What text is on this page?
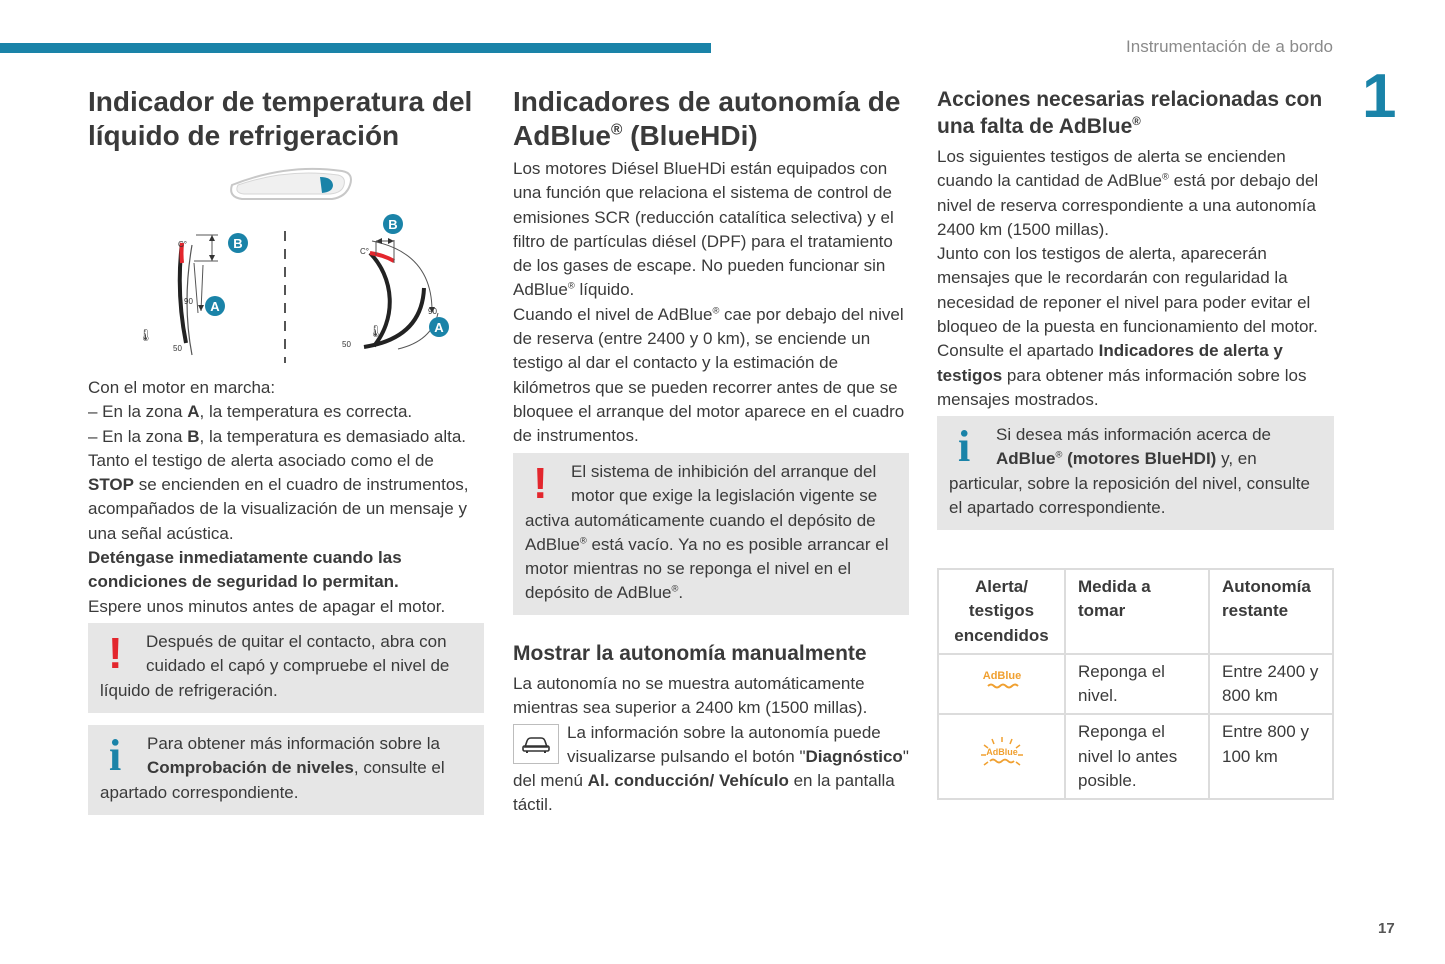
Instrumentación de a bordo
1
17
Indicador de temperatura del líquido de refrigeración
C°
90
50
🌡
B
A
C°
90
50
🌡
B
A

Con el motor en marcha:

– En la zona A, la temperatura es correcta.

– En la zona B, la temperatura es demasiado alta. Tanto el testigo de alerta asociado como el de STOP se encienden en el cuadro de instrumentos, acompañados de la visualización de un mensaje y una señal acústica.

Deténgase inmediatamente cuando las condiciones de seguridad lo permitan.

Espere unos minutos antes de apagar el motor.

!	Después de quitar el contacto, abra con cuidado el capó y compruebe el nivel de líquido de refrigeración.

i	Para obtener más información sobre la Comprobación de niveles, consulte el apartado correspondiente.

Indicadores de autonomía de
AdBlue® (BlueHDi)

Los motores Diésel BlueHDi están equipados con una función que relaciona el sistema de control de emisiones SCR (reducción catalítica selectiva) y el filtro de partículas diésel (DPF) para el tratamiento de los gases de escape. No pueden funcionar sin AdBlue® líquido.

Cuando el nivel de AdBlue® cae por debajo del nivel de reserva (entre 2400 y 0 km), se enciende un testigo al dar el contacto y la estimación de kilómetros que se pueden recorrer antes de que se bloquee el arranque del motor aparece en el cuadro de instrumentos.

!	El sistema de inhibición del arranque del motor que exige la legislación vigente se activa automáticamente cuando el depósito de AdBlue® está vacío. Ya no es posible arrancar el motor mientras no se reponga el nivel en el depósito de AdBlue®.

Mostrar la autonomía manualmente

La autonomía no se muestra automáticamente mientras sea superior a 2400 km (1500 millas).

La información sobre la autonomía puede visualizarse pulsando el botón "Diagnóstico" del menú Al. conducción/ Vehículo en la pantalla táctil.

Acciones necesarias relacionadas con una falta de AdBlue®

Los siguientes testigos de alerta se encienden cuando la cantidad de AdBlue® está por debajo del nivel de reserva correspondiente a una autonomía 2400 km (1500 millas).

Junto con los testigos de alerta, aparecerán mensajes que le recordarán con regularidad la necesidad de reponer el nivel para poder evitar el bloqueo de la puesta en funcionamiento del motor. Consulte el apartado Indicadores de alerta y testigos para obtener más información sobre los mensajes mostrados.

i	Si desea más información acerca de AdBlue® (motores BlueHDI) y, en particular, sobre la reposición del nivel, consulte el apartado correspondiente.

Alerta/ testigos encendidos	Medida a tomar	Autonomía restante

AdBlue	Reponga el nivel.	Entre 2400 y 800 km

AdBlue	Reponga el nivel lo antes posible.	Entre 800 y 100 km
